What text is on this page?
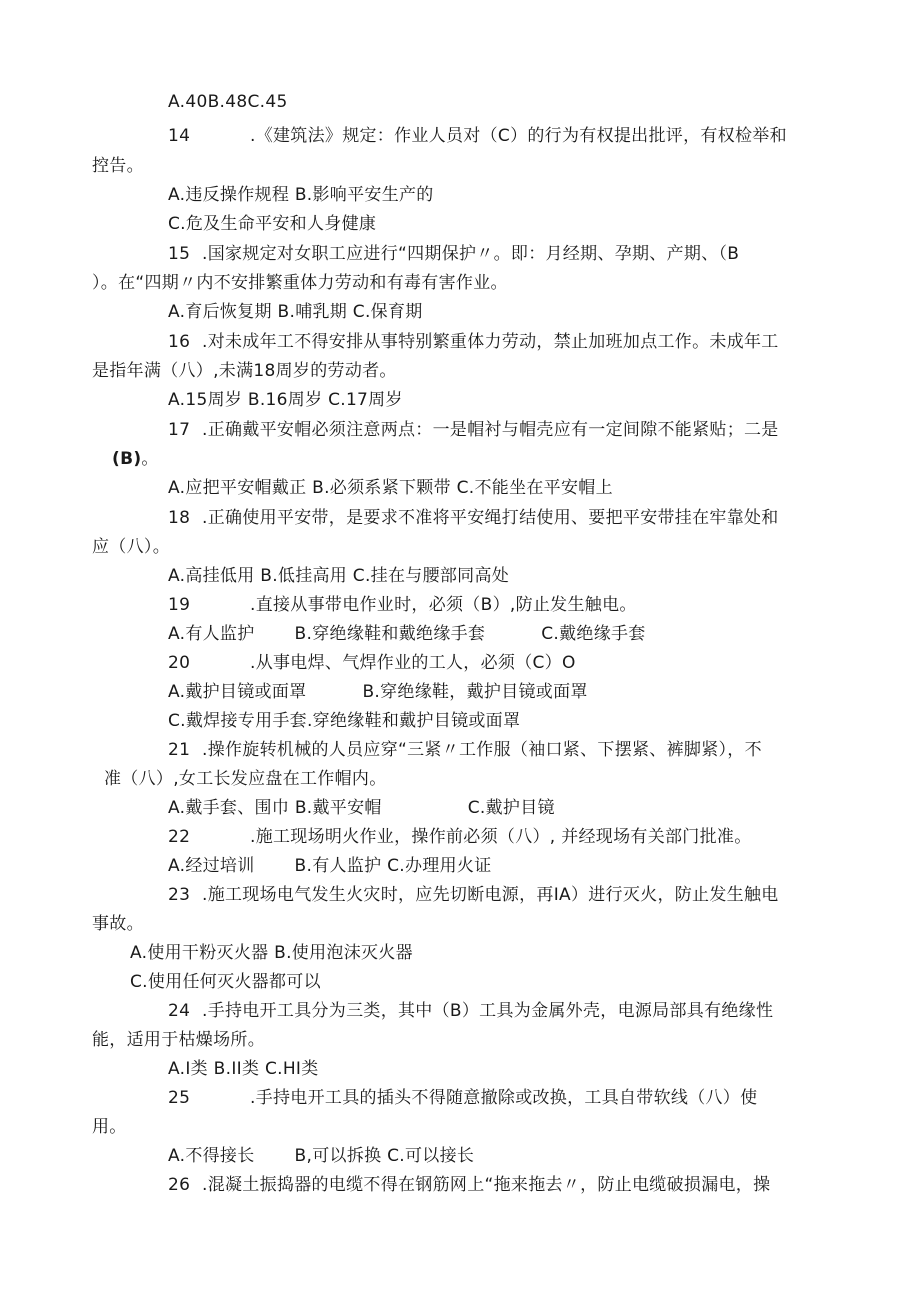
A.40B.48C.45
14	.《建筑法》规定：作业人员对（C）的行为有权提出批评，有权检举和
控告。
A.违反操作规程 B.影响平安生产的
C.危及生命平安和人身健康
15 .国家规定对女职工应进行“四期保护〃。即：月经期、孕期、产期、（B
）。在“四期〃内不安排繁重体力劳动和有毒有害作业。
A.育后恢复期 B.哺乳期 C.保育期
16 .对未成年工不得安排从事特别繁重体力劳动，禁止加班加点工作。未成年工
是指年满（八）,未满18周岁的劳动者。
A.15周岁 B.16周岁 C.17周岁
17 .正确戴平安帽必须注意两点：一是帽衬与帽壳应有一定间隙不能紧贴；二是
(B)。
A.应把平安帽戴正 B.必须系紧下颗带 C.不能坐在平安帽上
18 .正确使用平安带，是要求不准将平安绳打结使用、要把平安带挂在牢靠处和
应（八）。
A.高挂低用 B.低挂高用 C.挂在与腰部同高处
19	.直接从事带电作业时，必须（B）,防止发生触电。
A.有人监护 B.穿绝缘鞋和戴绝缘手套	C.戴绝缘手套
20	.从事电焊、气焊作业的工人，必须（C）O
A.戴护目镜或面罩	B.穿绝缘鞋，戴护目镜或面罩
C.戴焊接专用手套.穿绝缘鞋和戴护目镜或面罩
21 .操作旋转机械的人员应穿“三紧〃工作服（袖口紧、下摆紧、裤脚紧），不
准（八）,女工长发应盘在工作帽内。
A.戴手套、围巾 B.戴平安帽	C.戴护目镜
22	.施工现场明火作业，操作前必须（八）, 并经现场有关部门批准。
A.经过培训 B.有人监护 C.办理用火证
23 .施工现场电气发生火灾时，应先切断电源，再IA）进行灭火，防止发生触电
事故。
A.使用干粉灭火器 B.使用泡沫灭火器
C.使用任何灭火器都可以
24 .手持电开工具分为三类，其中（B）工具为金属外壳，电源局部具有绝缘性
能，适用于枯燥场所。
A.I类 B.II类 C.HI类
25	.手持电开工具的插头不得随意撤除或改换，工具自带软线（八）使
用。
A.不得接长 B,可以拆换 C.可以接长
26 .混凝土振捣器的电缆不得在钢筋网上“拖来拖去〃，防止电缆破损漏电，操
